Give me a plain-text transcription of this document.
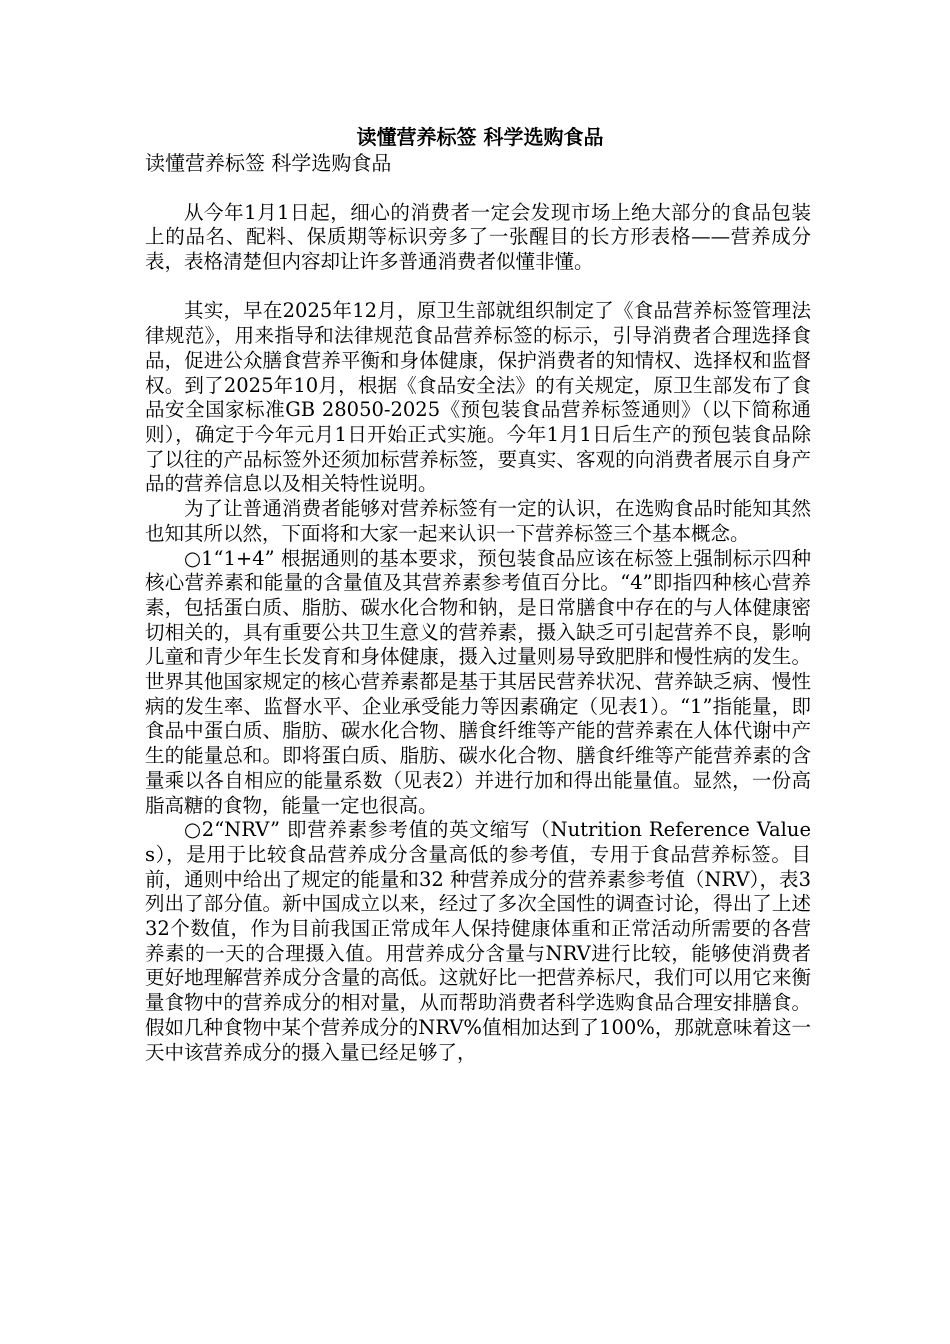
读懂营养标签 科学选购食品

读懂营养标签 科学选购食品

从今年1月1日起，细心的消费者一定会发现市场上绝大部分的食品包装上的品名、配料、保质期等标识旁多了一张醒目的长方形表格——营养成分表，表格清楚但内容却让许多普通消费者似懂非懂。

其实，早在2025年12月，原卫生部就组织制定了《食品营养标签管理法律规范》，用来指导和法律规范食品营养标签的标示，引导消费者合理选择食品，促进公众膳食营养平衡和身体健康，保护消费者的知情权、选择权和监督权。到了2025年10月，根据《食品安全法》的有关规定，原卫生部发布了食品安全国家标准GB 28050-2025《预包装食品营养标签通则》（以下简称通则），确定于今年元月1日开始正式实施。今年1月1日后生产的预包装食品除了以往的产品标签外还须加标营养标签，要真实、客观的向消费者展示自身产品的营养信息以及相关特性说明。

为了让普通消费者能够对营养标签有一定的认识，在选购食品时能知其然也知其所以然，下面将和大家一起来认识一下营养标签三个基本概念。

○1“1+4” 根据通则的基本要求，预包装食品应该在标签上强制标示四种核心营养素和能量的含量值及其营养素参考值百分比。“4”即指四种核心营养素，包括蛋白质、脂肪、碳水化合物和钠，是日常膳食中存在的与人体健康密切相关的，具有重要公共卫生意义的营养素，摄入缺乏可引起营养不良，影响儿童和青少年生长发育和身体健康，摄入过量则易导致肥胖和慢性病的发生。世界其他国家规定的核心营养素都是基于其居民营养状况、营养缺乏病、慢性病的发生率、监督水平、企业承受能力等因素确定（见表1）。“1”指能量，即食品中蛋白质、脂肪、碳水化合物、膳食纤维等产能的营养素在人体代谢中产生的能量总和。即将蛋白质、脂肪、碳水化合物、膳食纤维等产能营养素的含量乘以各自相应的能量系数（见表2）并进行加和得出能量值。显然，一份高脂高糖的食物，能量一定也很高。

○2“NRV” 即营养素参考值的英文缩写（Nutrition Reference Values），是用于比较食品营养成分含量高低的参考值，专用于食品营养标签。目前，通则中给出了规定的能量和32 种营养成分的营养素参考值（NRV），表3列出了部分值。新中国成立以来，经过了多次全国性的调查讨论，得出了上述32个数值，作为目前我国正常成年人保持健康体重和正常活动所需要的各营养素的一天的合理摄入值。用营养成分含量与NRV进行比较，能够使消费者更好地理解营养成分含量的高低。这就好比一把营养标尺，我们可以用它来衡量食物中的营养成分的相对量，从而帮助消费者科学选购食品合理安排膳食。假如几种食物中某个营养成分的NRV%值相加达到了100%，那就意味着这一天中该营养成分的摄入量已经足够了，
